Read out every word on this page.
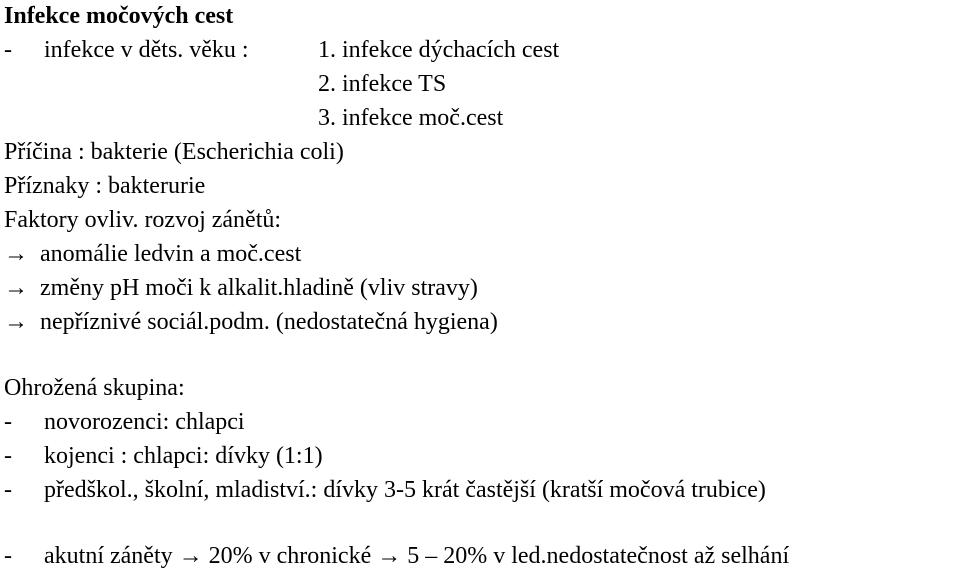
Infekce močových cest
- infekce v děts. věku :	1. infekce dýchacích cest
2. infekce TS
3. infekce moč.cest
Příčina : bakterie (Escherichia coli)
Příznaky : bakterurie
Faktory ovliv. rozvoj zánětů:
→ anomálie ledvin a moč.cest
→ změny pH moči k alkalit.hladině (vliv stravy)
→ nepříznivé sociál.podm. (nedostatečná hygiena)
Ohrožená skupina:
- novorozenci: chlapci
- kojenci : chlapci: dívky (1:1)
- předškol., školní, mladiství.: dívky 3-5 krát častější (kratší močová trubice)
- akutní záněty → 20% v chronické → 5 – 20% v led.nedostatečnost až selhání
